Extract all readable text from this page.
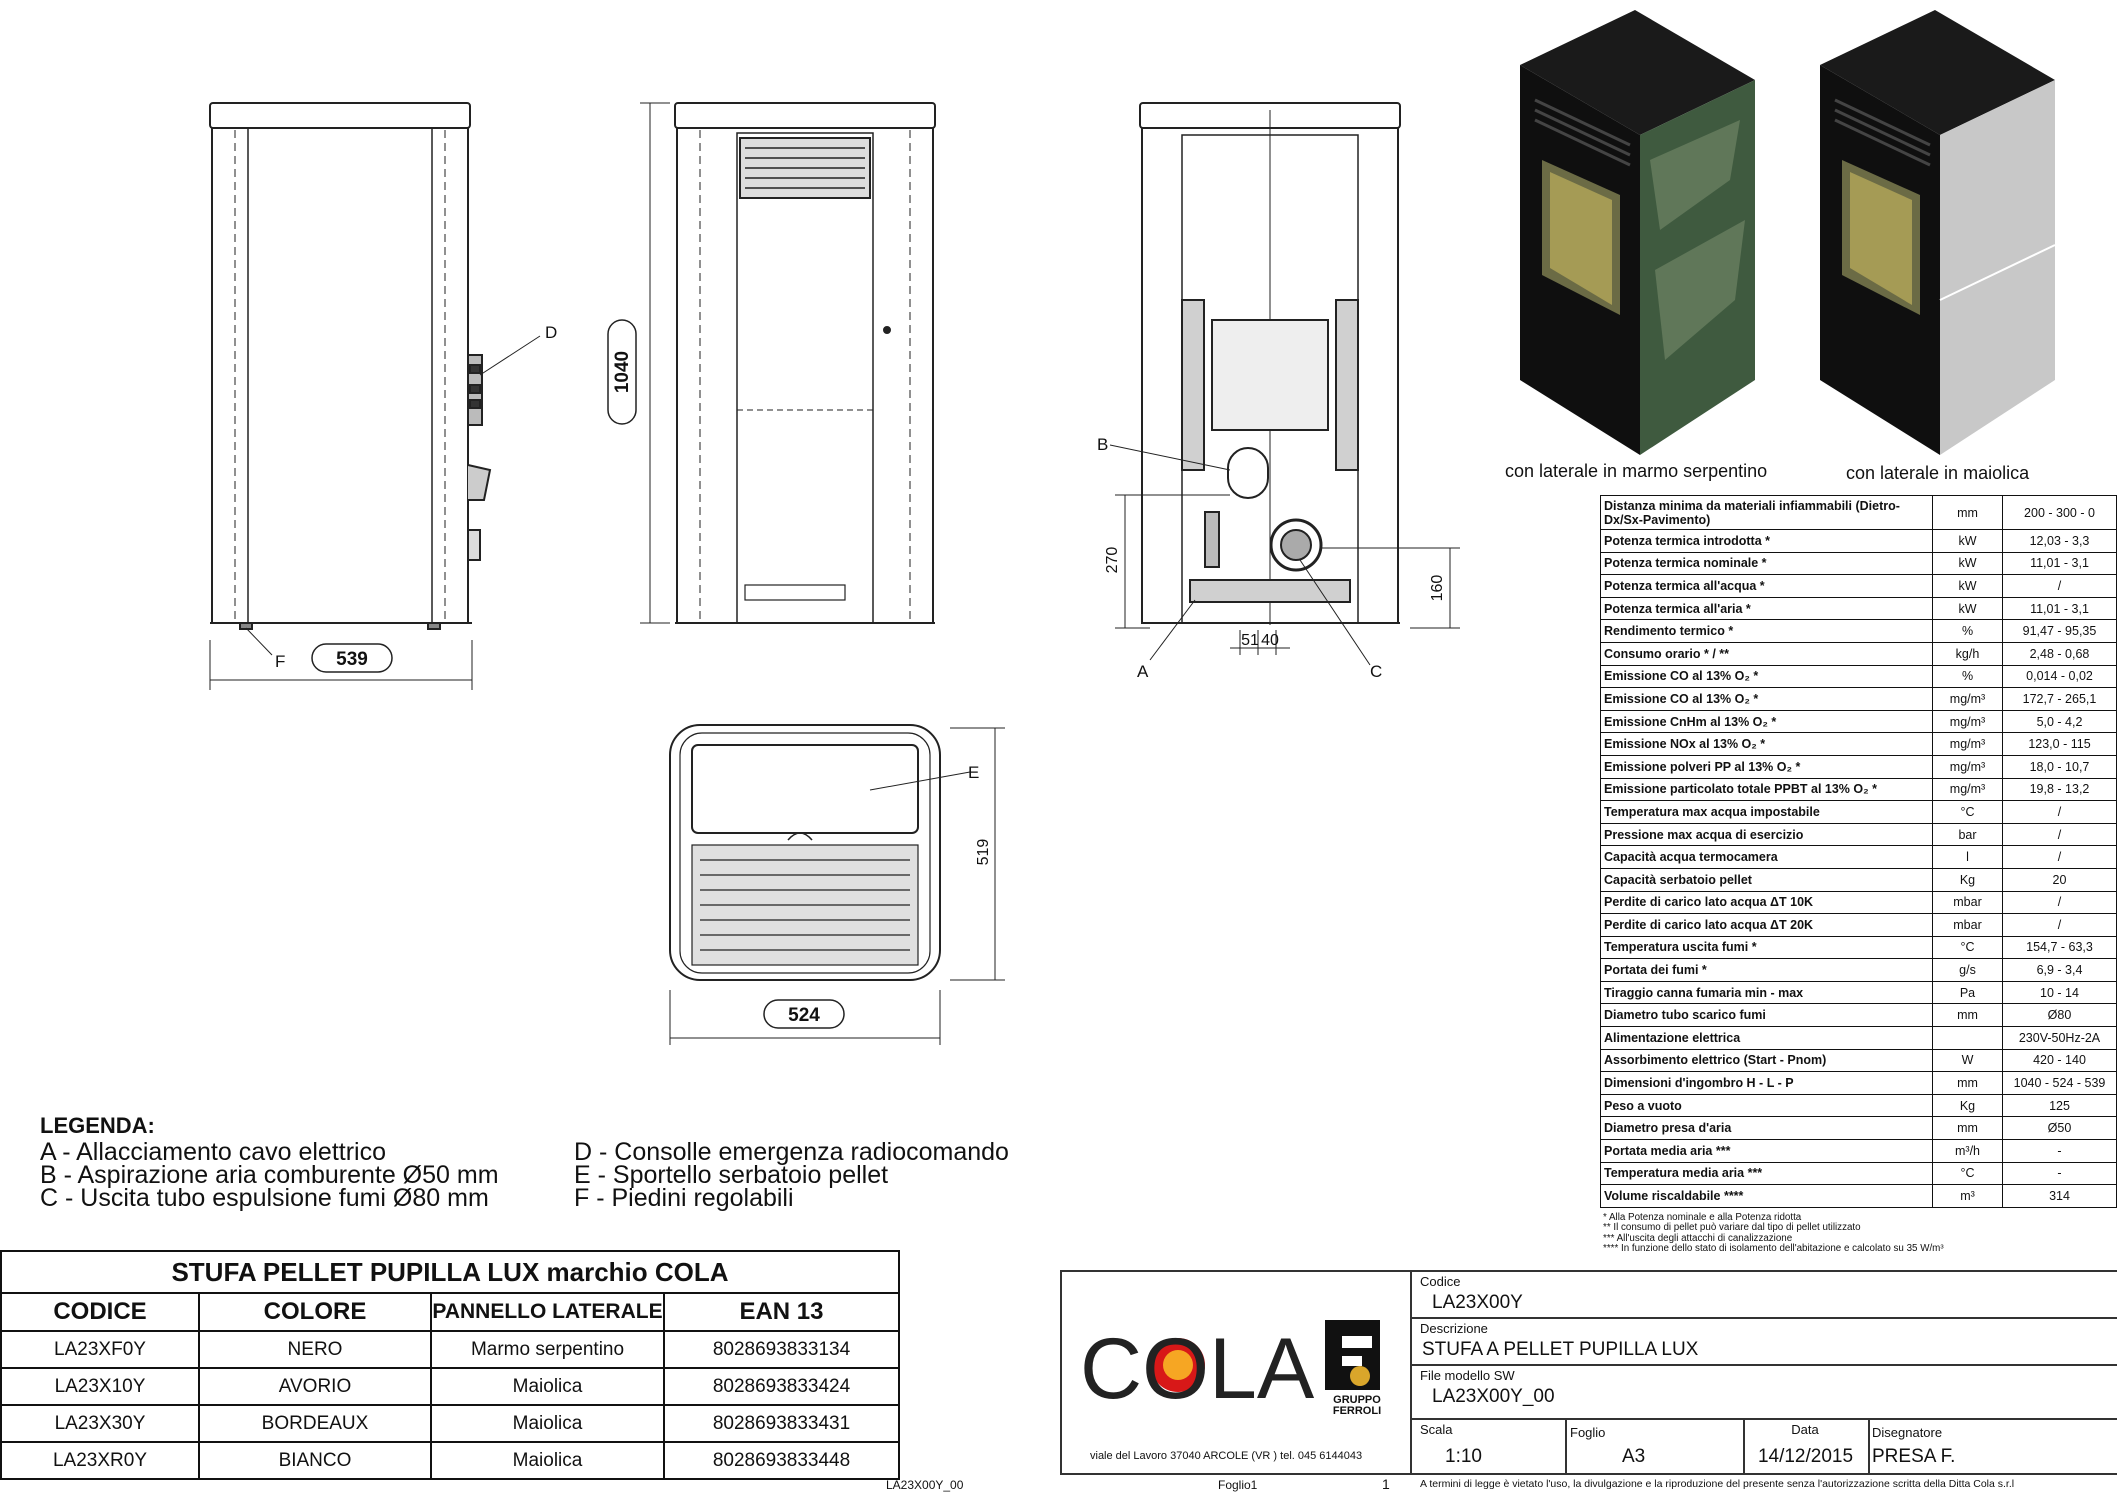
539
524
1040
519
270
160
51 40
D
F
B
A	C
E
con laterale in marmo serpentino	con laterale in maiolica
Distanza minima da materiali infiammabili (Dietro-Dx/Sx-Pavimento)	mm	200 - 300 - 0
Potenza termica introdotta *	kW	12,03 - 3,3
Potenza termica nominale *	kW	11,01 - 3,1
Potenza termica all'acqua *	kW	/
Potenza termica all'aria *	kW	11,01 - 3,1
Rendimento termico *	%	91,47 - 95,35
Consumo orario * / **	kg/h	2,48 - 0,68
Emissione CO al 13% O₂ *	%	0,014 - 0,02
Emissione CO al 13% O₂ *	mg/m³	172,7 - 265,1
Emissione CnHm al 13% O₂ *	mg/m³	5,0 - 4,2
Emissione NOx al 13% O₂ *	mg/m³	123,0 - 115
Emissione polveri PP al 13% O₂ *	mg/m³	18,0 - 10,7
Emissione particolato totale PPBT al 13% O₂ *	mg/m³	19,8 - 13,2
Temperatura max acqua impostabile	°C	/
Pressione max acqua di esercizio	bar	/
Capacità acqua termocamera	l	/
Capacità serbatoio pellet	Kg	20
Perdite di carico lato acqua ΔT 10K	mbar	/
Perdite di carico lato acqua ΔT 20K	mbar	/
Temperatura uscita fumi *	°C	154,7 - 63,3
Portata dei fumi *	g/s	6,9 - 3,4
Tiraggio canna fumaria min - max	Pa	10 - 14
Diametro tubo scarico fumi	mm	Ø80
Alimentazione elettrica		230V-50Hz-2A
Assorbimento elettrico (Start - Pnom)	W	420 - 140
Dimensioni d'ingombro H - L - P	mm	1040 - 524 - 539
Peso a vuoto	Kg	125
Diametro presa d'aria	mm	Ø50
Portata media aria ***	m³/h	-
Temperatura media aria ***	°C	-
Volume riscaldabile ****	m³	314
* Alla Potenza nominale e alla Potenza ridotta
** Il consumo di pellet può variare dal tipo di pellet utilizzato
*** All'uscita degli attacchi di canalizzazione
**** In funzione dello stato di isolamento dell'abitazione e calcolato su 35 W/m³
LEGENDA:
A - Allacciamento cavo elettrico
B - Aspirazione aria comburente Ø50 mm
C - Uscita tubo espulsione fumi Ø80 mm
D - Consolle emergenza radiocomando
E - Sportello serbatoio pellet
F - Piedini regolabili
STUFA PELLET PUPILLA LUX marchio COLA			
CODICE	COLORE	PANNELLO LATERALE	EAN 13
LA23XF0Y	NERO	Marmo serpentino	8028693833134
LA23X10Y	AVORIO	Maiolica	8028693833424
LA23X30Y	BORDEAUX	Maiolica	8028693833431
LA23XR0Y	BIANCO	Maiolica	8028693833448
COLA	GRUPPO FERROLI
viale del Lavoro 37040 ARCOLE (VR ) tel. 045 6144043
Codice
LA23X00Y
Descrizione
STUFA A PELLET PUPILLA LUX
File modello SW
LA23X00Y_00
Scala
1:10
Foglio
A3
Data
14/12/2015
Disegnatore
PRESA F.
A termini di legge è vietato l'uso, la divulgazione e la riproduzione del presente senza l'autorizzazione scritta della Ditta Cola s.r.l
LA23X00Y_00	Foglio1	1
